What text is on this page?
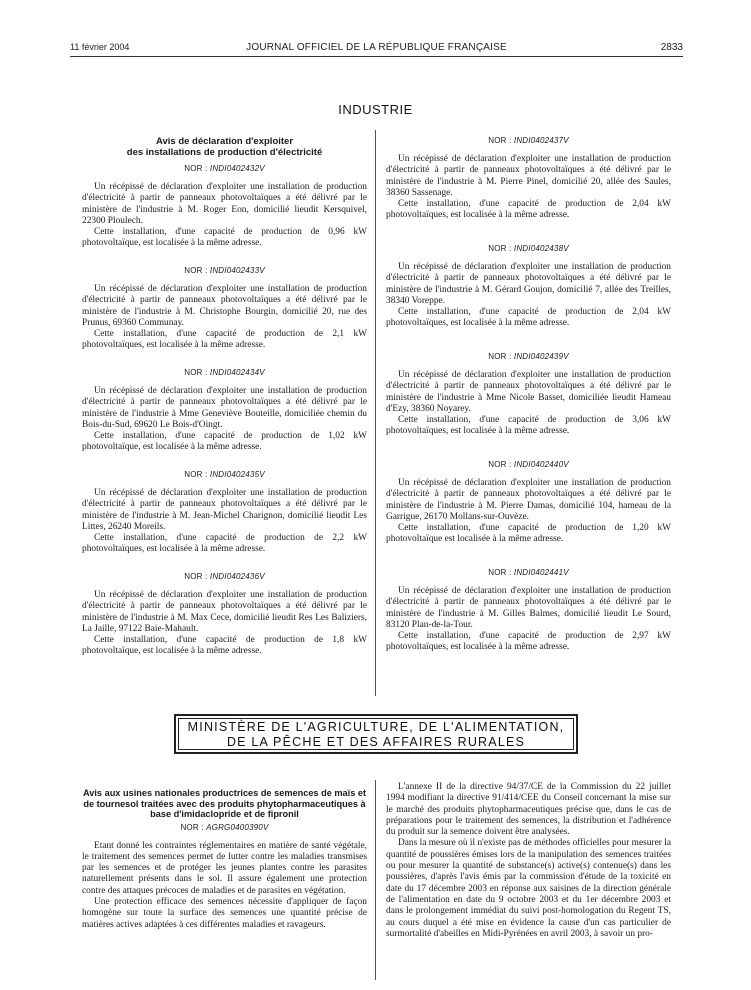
11 février 2004	JOURNAL OFFICIEL DE LA RÉPUBLIQUE FRANÇAISE	2833
INDUSTRIE

Avis de déclaration d'exploiter

des installations de production d'électricité

NOR : INDI0402432V

Un récépissé de déclaration d'exploiter une installation de production d'électricité à partir de panneaux photovoltaïques a été délivré par le ministère de l'industrie à M. Roger Eon, domicilié lieudit Kersquivel, 22300 Ploulech.

Cette installation, d'une capacité de production de 0,96 kW photovoltaïque, est localisée à la même adresse.

NOR : INDI0402433V

Un récépissé de déclaration d'exploiter une installation de production d'électricité à partir de panneaux photovoltaïques a été délivré par le ministère de l'industrie à M. Christophe Bourgin, domicilié 20, rue des Prunus, 69360 Communay.

Cette installation, d'une capacité de production de 2,1 kW photovoltaïques, est localisée à la même adresse.

NOR : INDI0402434V

Un récépissé de déclaration d'exploiter une installation de production d'électricité à partir de panneaux photovoltaïques a été délivré par le ministère de l'industrie à Mme Geneviève Bouteille, domiciliée chemin du Bois-du-Sud, 69620 Le Bois-d'Oingt.

Cette installation, d'une capacité de production de 1,02 kW photovoltaïque, est localisée à la même adresse.

NOR : INDI0402435V

Un récépissé de déclaration d'exploiter une installation de production d'électricité à partir de panneaux photovoltaïques a été délivré par le ministère de l'industrie à M. Jean-Michel Charignon, domicilié lieudit Les Littes, 26240 Moreils.

Cette installation, d'une capacité de production de 2,2 kW photovoltaïques, est localisée à la même adresse.

NOR : INDI0402436V

Un récépissé de déclaration d'exploiter une installation de production d'électricité à partir de panneaux photovoltaïques a été délivré par le ministère de l'industrie à M. Max Cece, domicilié lieudit Res Les Baliziers, La Jaille, 97122 Baie-Mahault.

Cette installation, d'une capacité de production de 1,8 kW photovoltaïque, est localisée à la même adresse.

NOR : INDI0402437V

Un récépissé de déclaration d'exploiter une installation de production d'électricité à partir de panneaux photovoltaïques a été délivré par le ministère de l'industrie à M. Pierre Pinel, domicilié 20, allée des Saules, 38360 Sassenage.

Cette installation, d'une capacité de production de 2,04 kW photovoltaïques, est localisée à la même adresse.

NOR : INDI0402438V

Un récépissé de déclaration d'exploiter une installation de production d'électricité à partir de panneaux photovoltaïques a été délivré par le ministère de l'industrie à M. Gérard Goujon, domicilié 7, allée des Treilles, 38340 Voreppe.

Cette installation, d'une capacité de production de 2,04 kW photovoltaïques, est localisée à la même adresse.

NOR : INDI0402439V

Un récépissé de déclaration d'exploiter une installation de production d'électricité à partir de panneaux photovoltaïques a été délivré par le ministère de l'industrie à Mme Nicole Basset, domiciliée lieudit Hameau d'Ezy, 38360 Noyarey.

Cette installation, d'une capacité de production de 3,06 kW photovoltaïques, est localisée à la même adresse.

NOR : INDI0402440V

Un récépissé de déclaration d'exploiter une installation de production d'électricité à partir de panneaux photovoltaïques a été délivré par le ministère de l'industrie à M. Pierre Damas, domicilié 104, hameau de la Garrigue, 26170 Mollans-sur-Ouvèze.

Cette installation, d'une capacité de production de 1,20 kW photovoltaïque est localisée à la même adresse.

NOR : INDI0402441V

Un récépissé de déclaration d'exploiter une installation de production d'électricité à partir de panneaux photovoltaïques a été délivré par le ministère de l'industrie à M. Gilles Balmes, domicilié lieudit Le Sourd, 83120 Plan-de-la-Tour.

Cette installation, d'une capacité de production de 2,97 kW photovoltaïques, est localisée à la même adresse.

MINISTÈRE DE L'AGRICULTURE, DE L'ALIMENTATION,
DE LA PÊCHE ET DES AFFAIRES RURALES

Avis aux usines nationales productrices de semences de maïs et de tournesol traitées avec des produits phytopharmaceutiques à base d'imidaclopride et de fipronil

NOR : AGRG0400390V

Etant donné les contraintes réglementaires en matière de santé végétale, le traitement des semences permet de lutter contre les maladies transmises par les semences et de protéger les jeunes plantes contre les parasites naturellement présents dans le sol. Il assure également une protection contre des attaques précoces de maladies et de parasites en végétation.

Une protection efficace des semences nécessite d'appliquer de façon homogène sur toute la surface des semences une quantité précise de matières actives adaptées à ces différentes maladies et ravageurs.

L'annexe II de la directive 94/37/CE de la Commission du 22 juillet 1994 modifiant la directive 91/414/CEE du Conseil concernant la mise sur le marché des produits phytopharmaceutiques précise que, dans le cas de préparations pour le traitement des semences, la distribution et l'adhérence du produit sur la semence doivent être analysées.

Dans la mesure où il n'existe pas de méthodes officielles pour mesurer la quantité de poussières émises lors de la manipulation des semences traitées ou pour mesurer la quantité de substance(s) active(s) contenue(s) dans les poussières, d'après l'avis émis par la commission d'étude de la toxicité en date du 17 décembre 2003 en réponse aux saisines de la direction générale de l'alimentation en date du 9 octobre 2003 et du 1er décembre 2003 et dans le prolongement immédiat du suivi post-homologation du Regent TS, au cours duquel a été mise en évidence la cause d'un cas particulier de surmortalité d'abeilles en Midi-Pyrénées en avril 2003, à savoir un pro-
